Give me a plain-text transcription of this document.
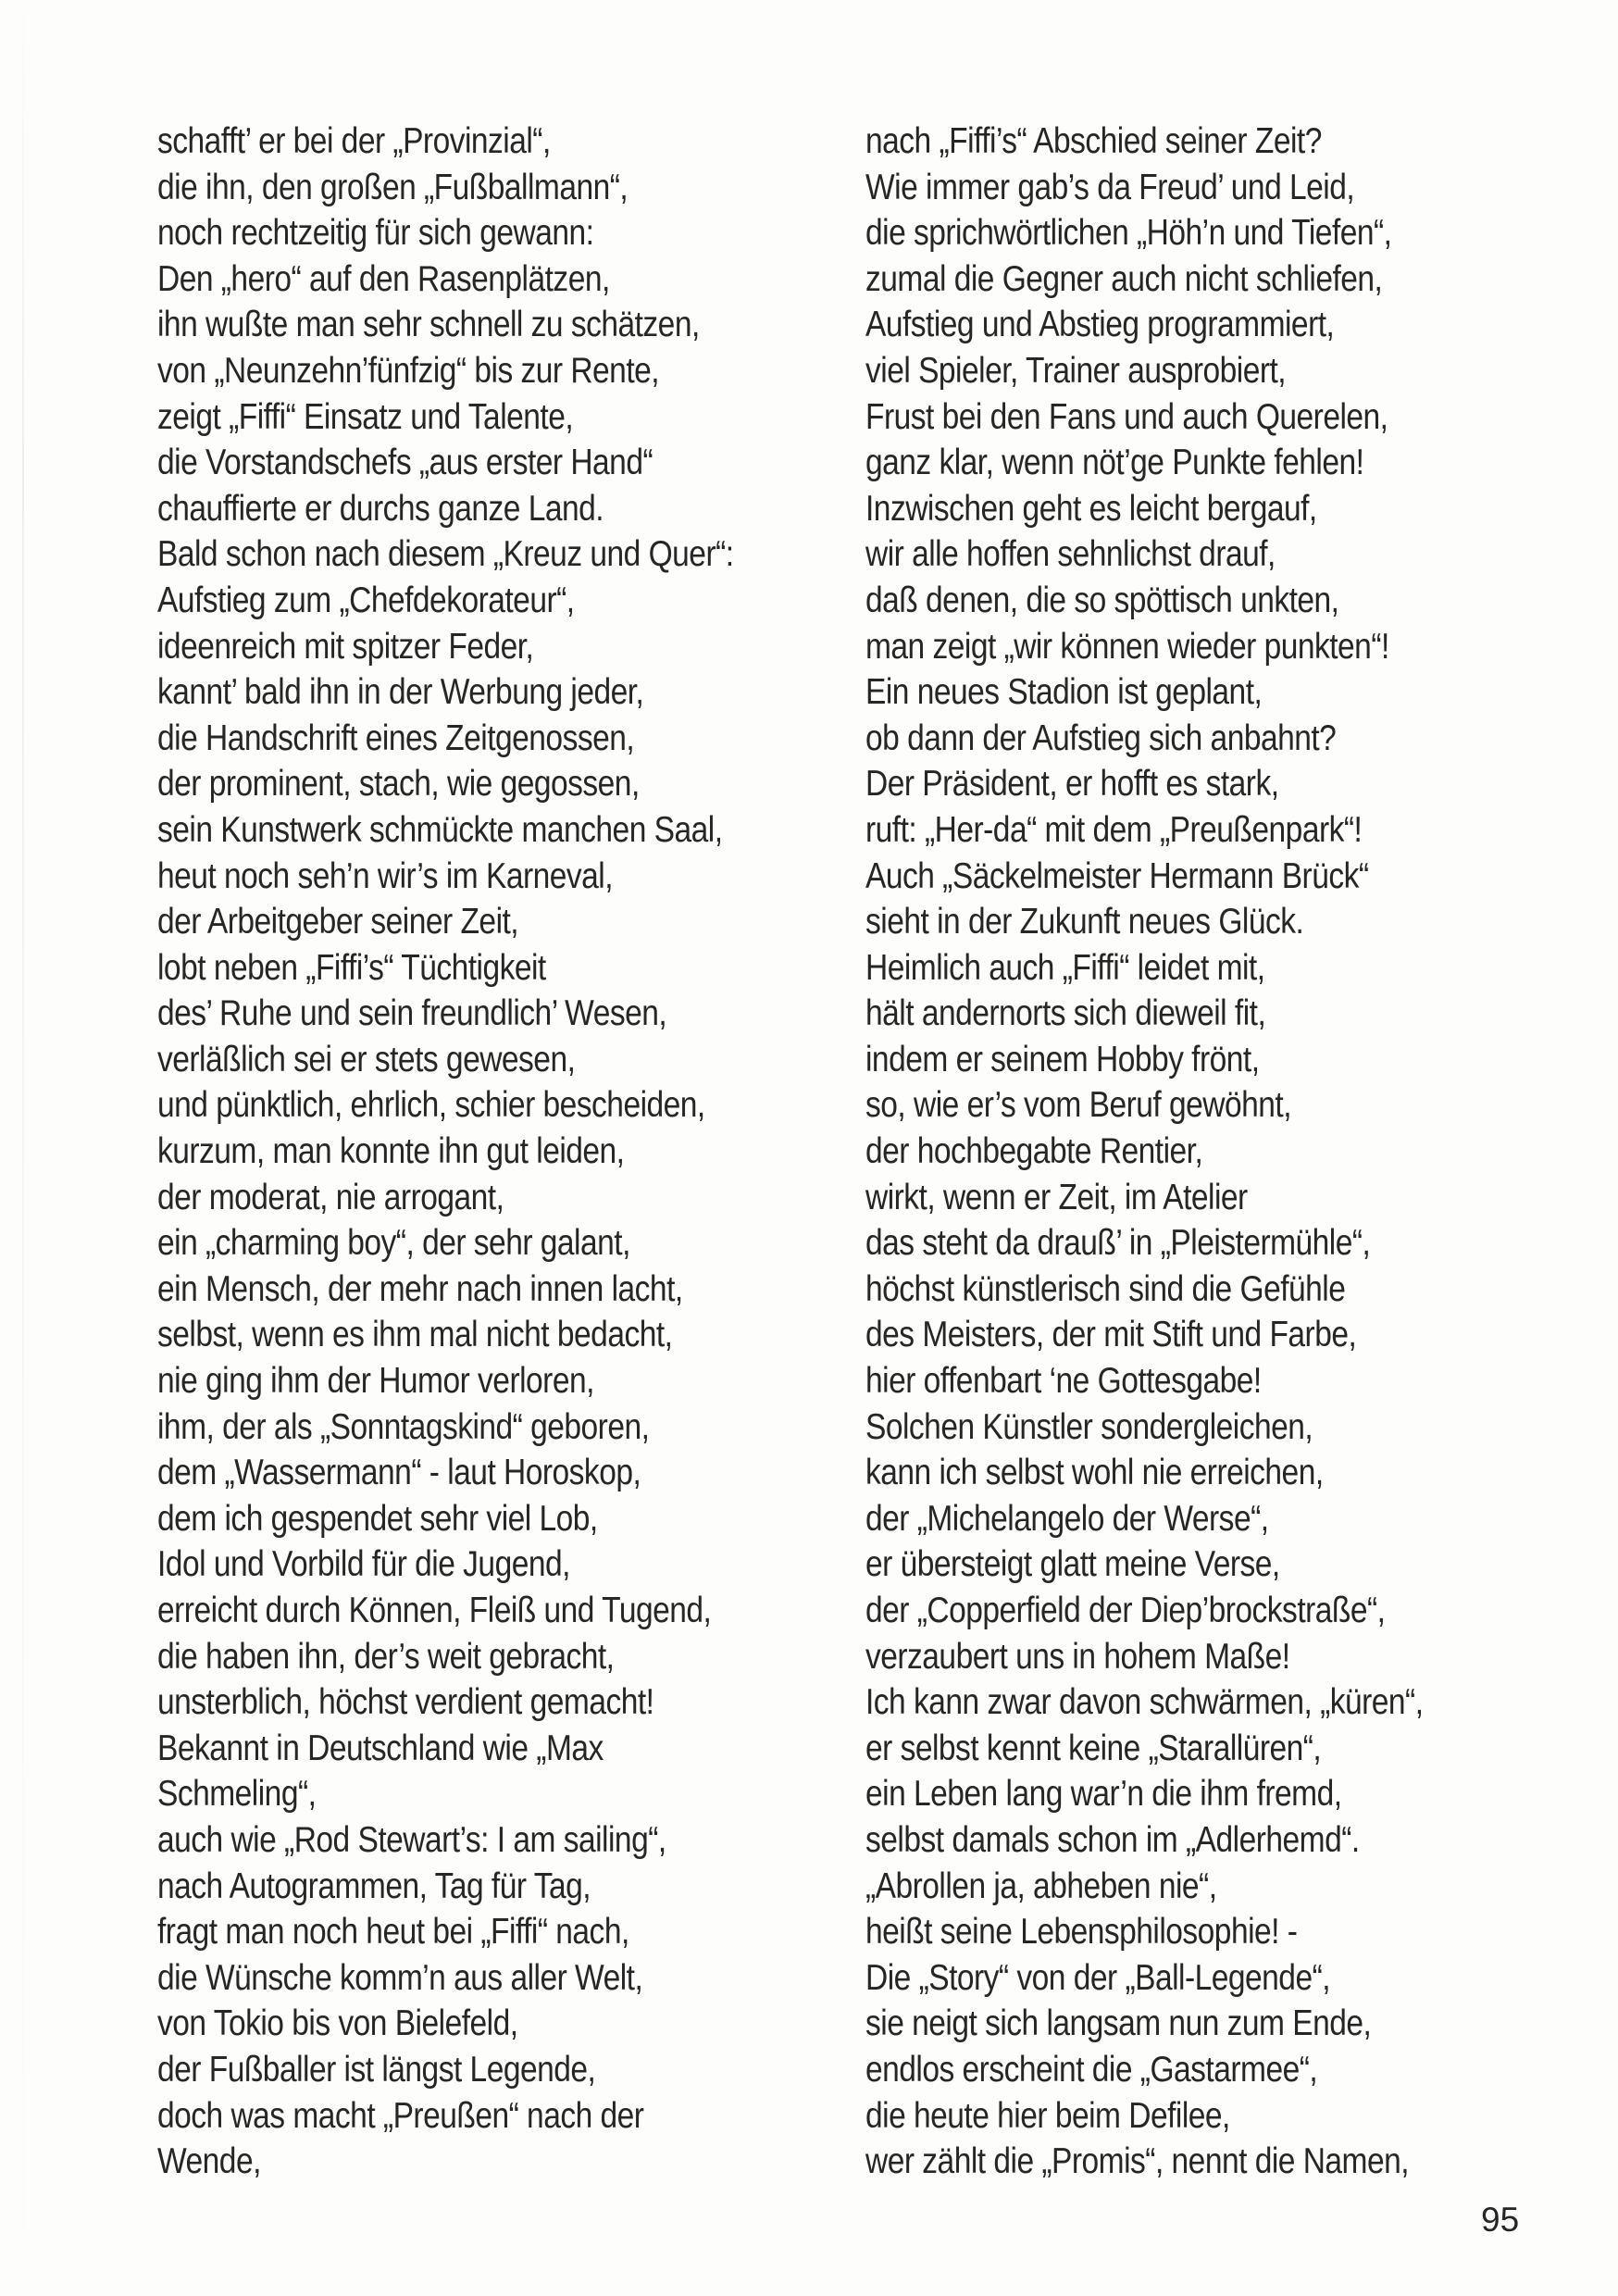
schafft’ er bei der „Provinzial“,
die ihn, den großen „Fußballmann“,
noch rechtzeitig für sich gewann:
Den „hero“ auf den Rasenplätzen,
ihn wußte man sehr schnell zu schätzen,
von „Neunzehn’fünfzig“ bis zur Rente,
zeigt „Fiffi“ Einsatz und Talente,
die Vorstandschefs „aus erster Hand“
chauffierte er durchs ganze Land.
Bald schon nach diesem „Kreuz und Quer“:
Aufstieg zum „Chefdekorateur“,
ideenreich mit spitzer Feder,
kannt’ bald ihn in der Werbung jeder,
die Handschrift eines Zeitgenossen,
der prominent, stach, wie gegossen,
sein Kunstwerk schmückte manchen Saal,
heut noch seh’n wir’s im Karneval,
der Arbeitgeber seiner Zeit,
lobt neben „Fiffi’s“ Tüchtigkeit
des’ Ruhe und sein freundlich’ Wesen,
verläßlich sei er stets gewesen,
und pünktlich, ehrlich, schier bescheiden,
kurzum, man konnte ihn gut leiden,
der moderat, nie arrogant,
ein „charming boy“, der sehr galant,
ein Mensch, der mehr nach innen lacht,
selbst, wenn es ihm mal nicht bedacht,
nie ging ihm der Humor verloren,
ihm, der als „Sonntagskind“ geboren,
dem „Wassermann“ - laut Horoskop,
dem ich gespendet sehr viel Lob,
Idol und Vorbild für die Jugend,
erreicht durch Können, Fleiß und Tugend,
die haben ihn, der’s weit gebracht,
unsterblich, höchst verdient gemacht!
Bekannt in Deutschland wie „Max
Schmeling“,
auch wie „Rod Stewart’s: I am sailing“,
nach Autogrammen, Tag für Tag,
fragt man noch heut bei „Fiffi“ nach,
die Wünsche komm’n aus aller Welt,
von Tokio bis von Bielefeld,
der Fußballer ist längst Legende,
doch was macht „Preußen“ nach der
Wende,
nach „Fiffi’s“ Abschied seiner Zeit?
Wie immer gab’s da Freud’ und Leid,
die sprichwörtlichen „Höh’n und Tiefen“,
zumal die Gegner auch nicht schliefen,
Aufstieg und Abstieg programmiert,
viel Spieler, Trainer ausprobiert,
Frust bei den Fans und auch Querelen,
ganz klar, wenn nöt’ge Punkte fehlen!
Inzwischen geht es leicht bergauf,
wir alle hoffen sehnlichst drauf,
daß denen, die so spöttisch unkten,
man zeigt „wir können wieder punkten“!
Ein neues Stadion ist geplant,
ob dann der Aufstieg sich anbahnt?
Der Präsident, er hofft es stark,
ruft: „Her-da“ mit dem „Preußenpark“!
Auch „Säckelmeister Hermann Brück“
sieht in der Zukunft neues Glück.
Heimlich auch „Fiffi“ leidet mit,
hält andernorts sich dieweil fit,
indem er seinem Hobby frönt,
so, wie er’s vom Beruf gewöhnt,
der hochbegabte Rentier,
wirkt, wenn er Zeit, im Atelier
das steht da drauß’ in „Pleistermühle“,
höchst künstlerisch sind die Gefühle
des Meisters, der mit Stift und Farbe,
hier offenbart ‘ne Gottesgabe!
Solchen Künstler sondergleichen,
kann ich selbst wohl nie erreichen,
der „Michelangelo der Werse“,
er übersteigt glatt meine Verse,
der „Copperfield der Diep’brockstraße“,
verzaubert uns in hohem Maße!
Ich kann zwar davon schwärmen, „küren“,
er selbst kennt keine „Starallüren“,
ein Leben lang war’n die ihm fremd,
selbst damals schon im „Adlerhemd“.
„Abrollen ja, abheben nie“,
heißt seine Lebensphilosophie! -
Die „Story“ von der „Ball-Legende“,
sie neigt sich langsam nun zum Ende,
endlos erscheint die „Gastarmee“,
die heute hier beim Defilee,
wer zählt die „Promis“, nennt die Namen,
95
